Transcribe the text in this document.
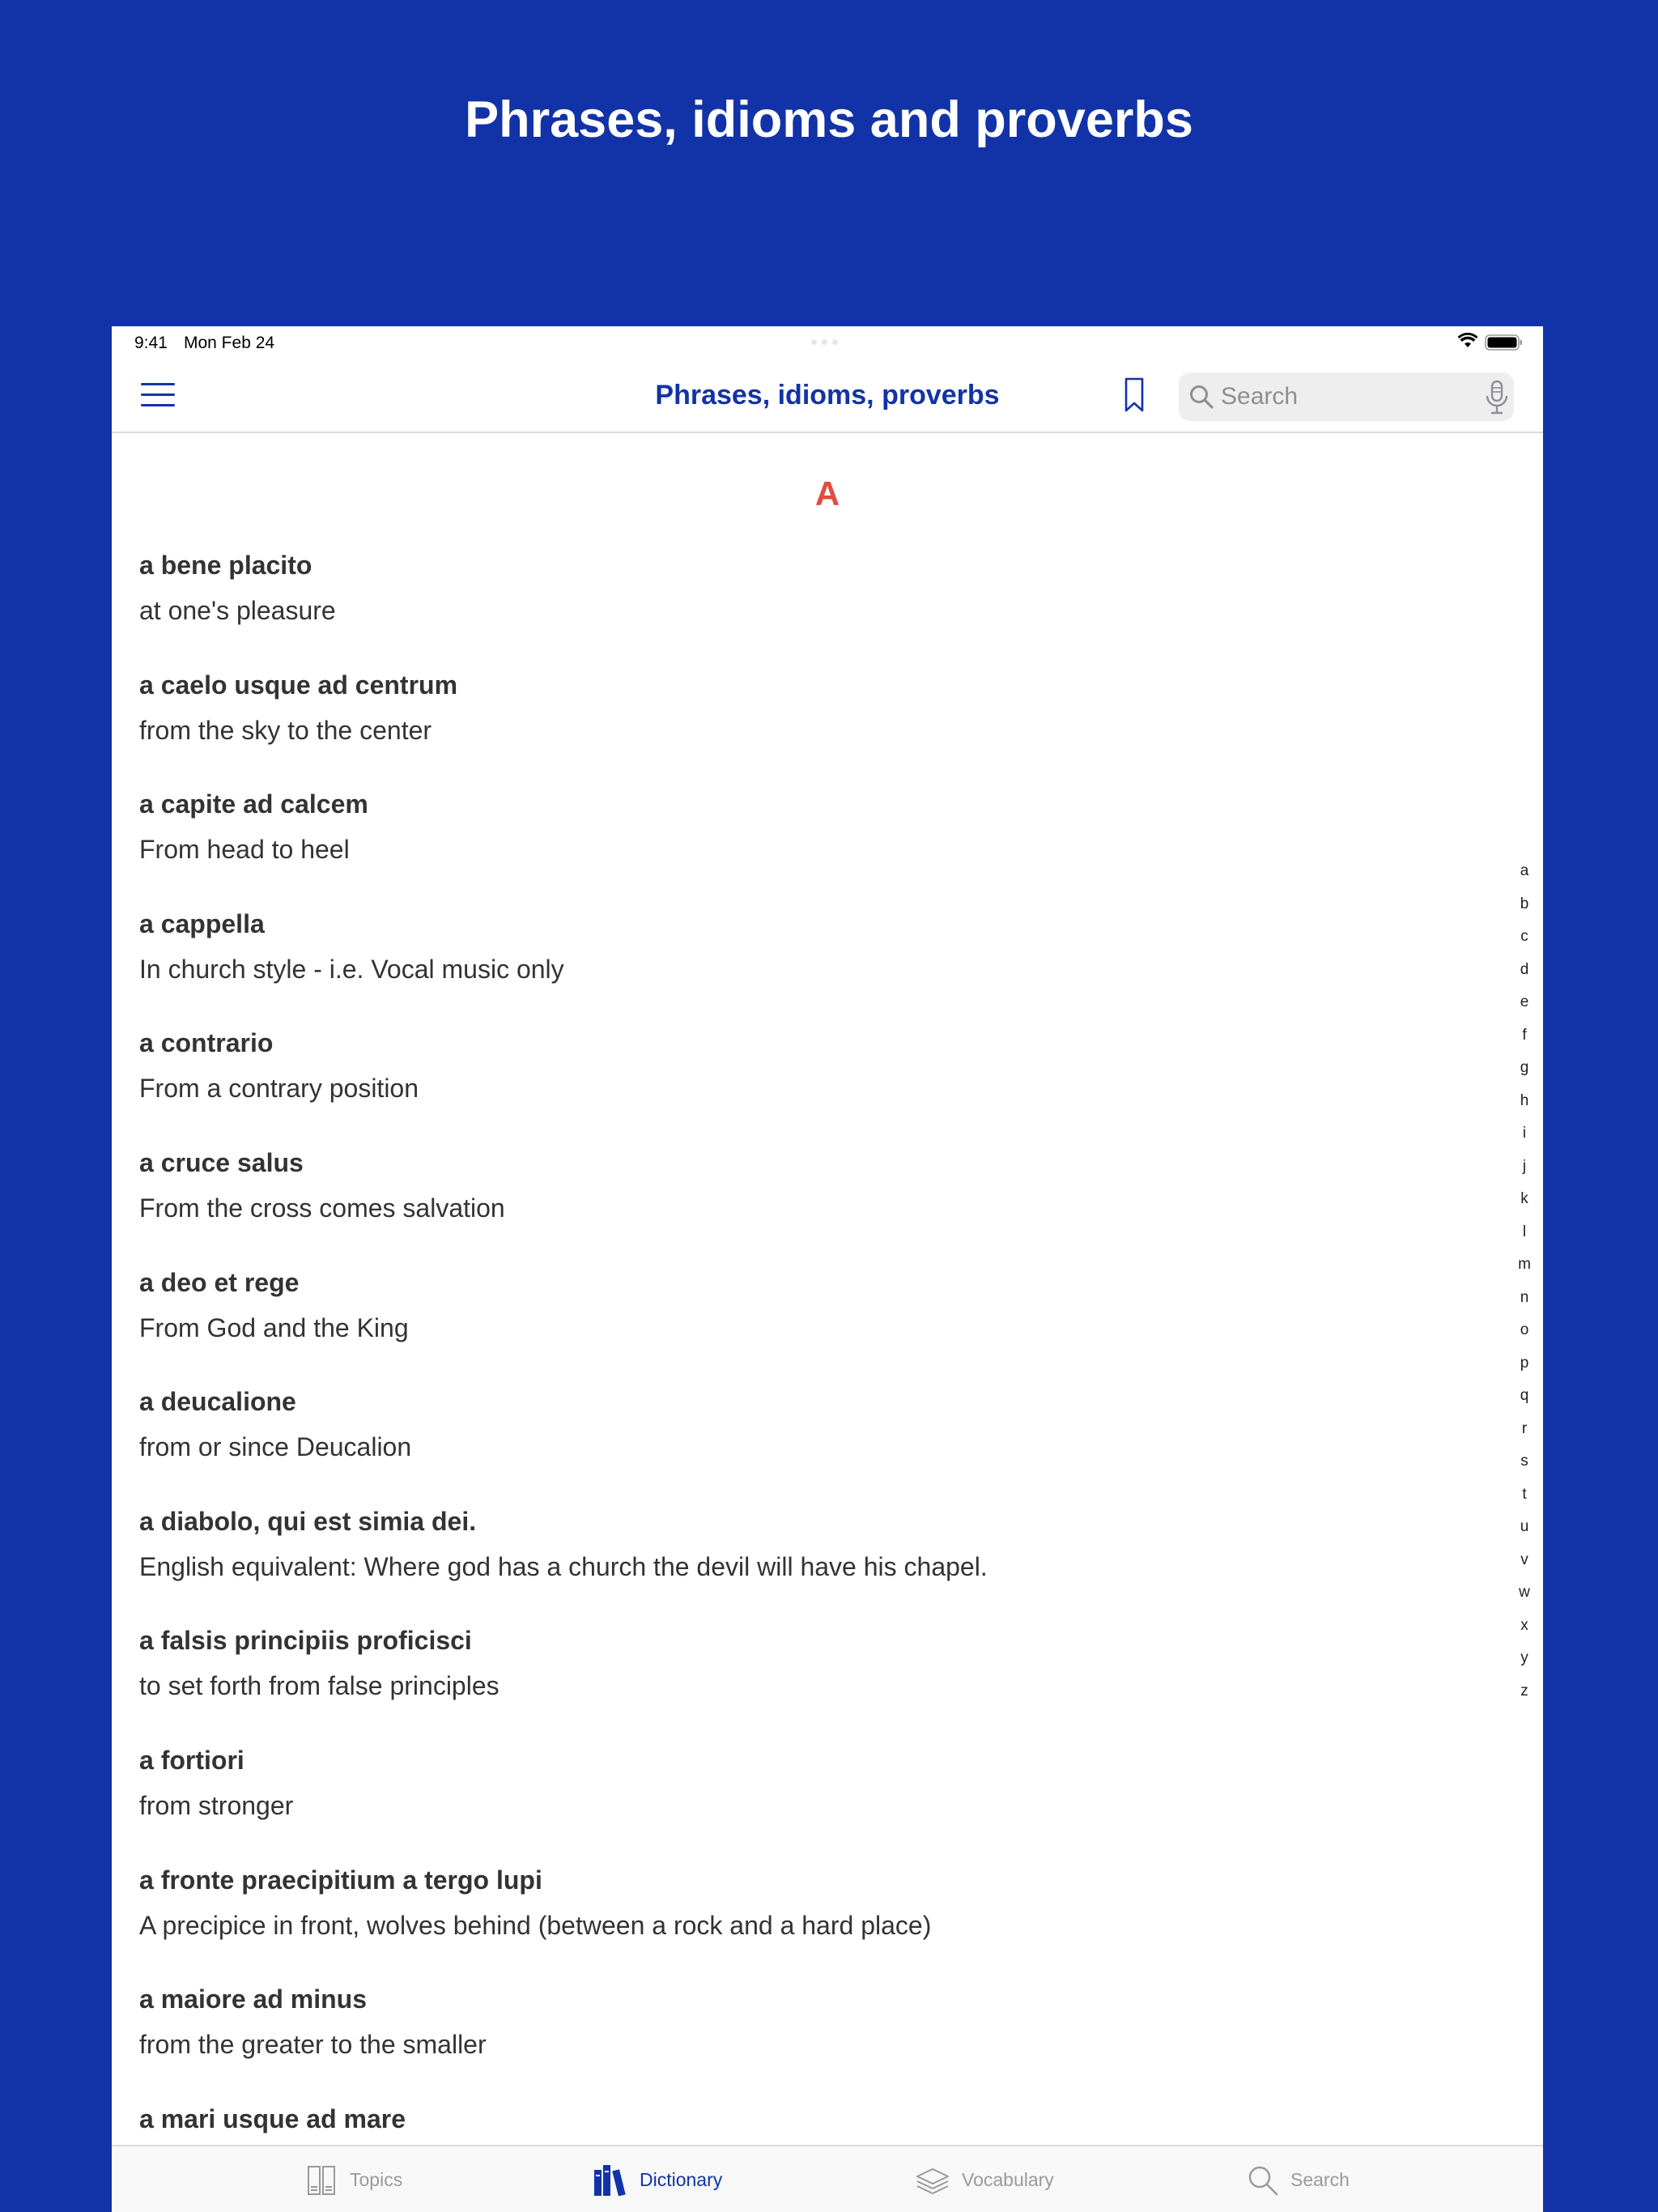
Phrases, idioms and proverbs
9:41 Mon Feb 24
Phrases, idioms, proverbs
Search
A
a bene placito
at one's pleasure
a caelo usque ad centrum
from the sky to the center
a capite ad calcem
From head to heel
a cappella
In church style - i.e. Vocal music only
a contrario
From a contrary position
a cruce salus
From the cross comes salvation
a deo et rege
From God and the King
a deucalione
from or since Deucalion
a diabolo, qui est simia dei.
English equivalent: Where god has a church the devil will have his chapel.
a falsis principiis proficisci
to set forth from false principles
a fortiori
from stronger
a fronte praecipitium a tergo lupi
A precipice in front, wolves behind (between a rock and a hard place)
a maiore ad minus
from the greater to the smaller
a mari usque ad mare
a
b
c
d
e
f
g
h
i
j
k
l
m
n
o
p
q
r
s
t
u
v
w
x
y
z
Topics	Dictionary	Vocabulary	Search
